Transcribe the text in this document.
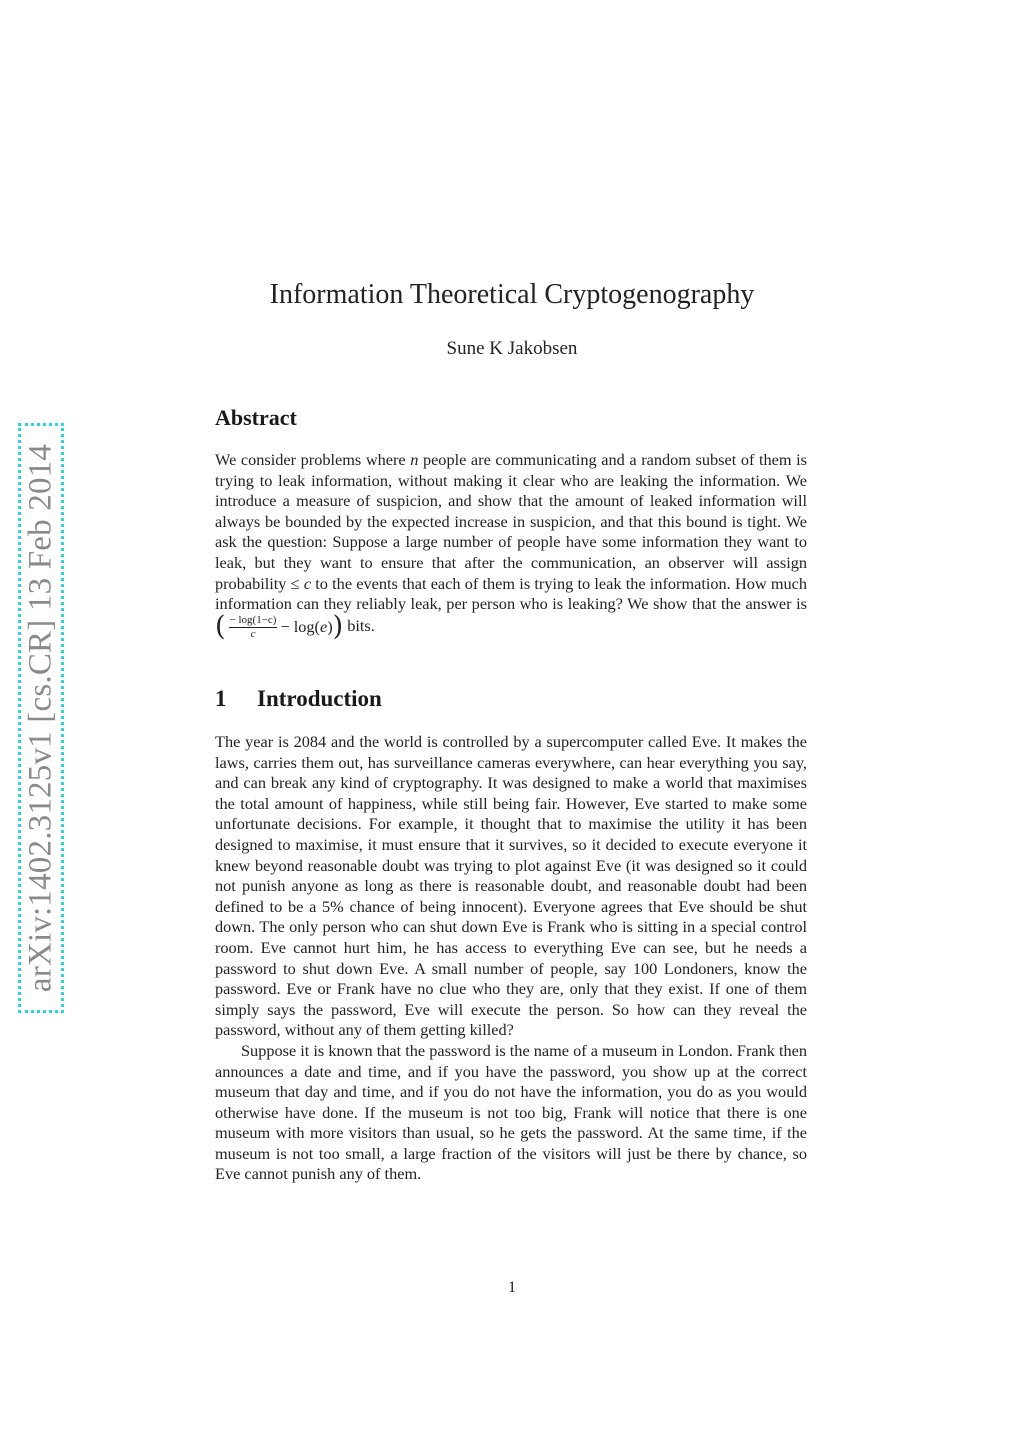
arXiv:1402.3125v1 [cs.CR] 13 Feb 2014
Information Theoretical Cryptogenography
Sune K Jakobsen
Abstract

We consider problems where n people are communicating and a random subset of them is trying to leak information, without making it clear who are leaking the information. We introduce a measure of suspicion, and show that the amount of leaked information will always be bounded by the expected increase in suspicion, and that this bound is tight. We ask the question: Suppose a large number of people have some information they want to leak, but they want to ensure that after the communication, an observer will assign probability ≤ c to the events that each of them is trying to leak the information. How much information can they reliably leak, per person who is leaking? We show that the answer is
( $\frac{- \log(1-c)}{c} - \log$( e ) ) bits.

1 Introduction

The year is 2084 and the world is controlled by a supercomputer called Eve. It makes the laws, carries them out, has surveillance cameras everywhere, can hear everything you say, and can break any kind of cryptography. It was designed to make a world that maximises the total amount of happiness, while still being fair. However, Eve started to make some unfortunate decisions. For example, it thought that to maximise the utility it has been designed to maximise, it must ensure that it survives, so it decided to execute everyone it knew beyond reasonable doubt was trying to plot against Eve (it was designed so it could not punish anyone as long as there is reasonable doubt, and reasonable doubt had been defined to be a 5% chance of being innocent). Everyone agrees that Eve should be shut down. The only person who can shut down Eve is Frank who is sitting in a special control room. Eve cannot hurt him, he has access to everything Eve can see, but he needs a password to shut down Eve. A small number of people, say 100 Londoners, know the password. Eve or Frank have no clue who they are, only that they exist. If one of them simply says the password, Eve will execute the person. So how can they reveal the password, without any of them getting killed?

Suppose it is known that the password is the name of a museum in London. Frank then announces a date and time, and if you have the password, you show up at the correct museum that day and time, and if you do not have the information, you do as you would otherwise have done. If the museum is not too big, Frank will notice that there is one museum with more visitors than usual, so he gets the password. At the same time, if the museum is not too small, a large fraction of the visitors will just be there by chance, so Eve cannot punish any of them.

1
